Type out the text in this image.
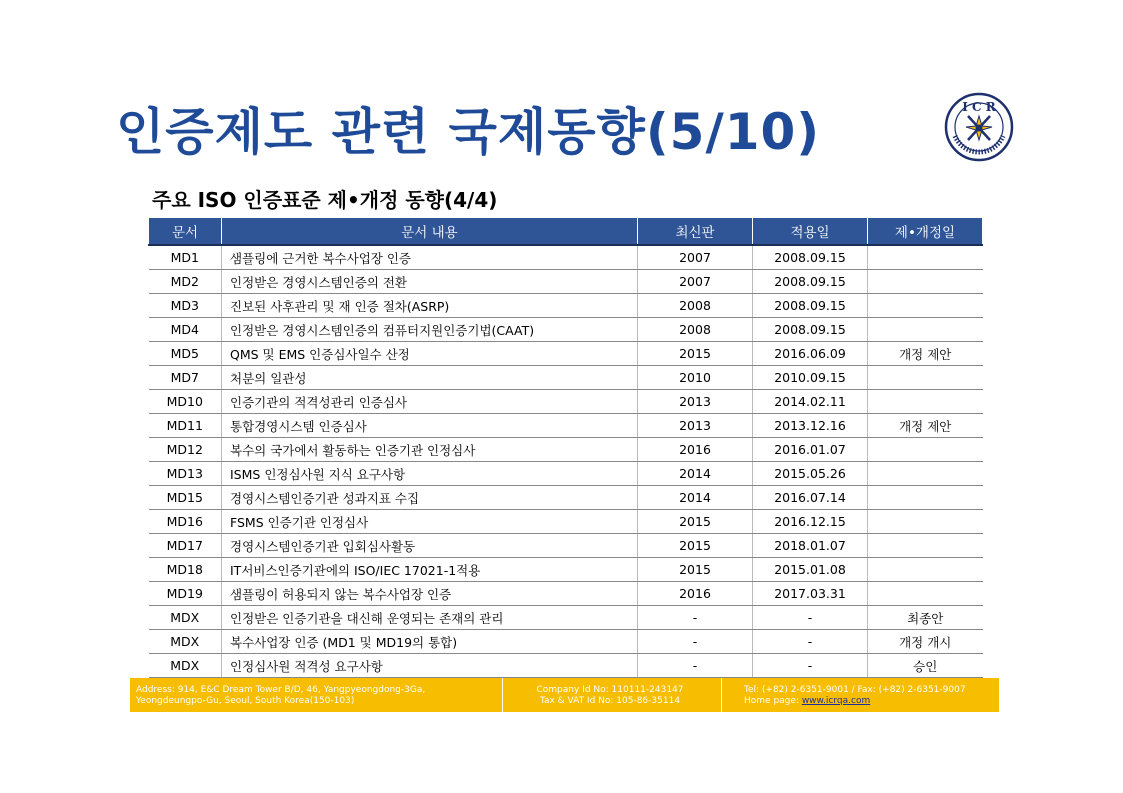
인증제도 관련 국제동향(5/10)	I C R
주요 ISO 인증표준 제•개정 동향(4/4)
문서	문서 내용	최신판	적용일	제•개정일
MD1	샘플링에 근거한 복수사업장 인증	2007	2008.09.15	
MD2	인정받은 경영시스템인증의 전환	2007	2008.09.15	
MD3	진보된 사후관리 및 재 인증 절차(ASRP)	2008	2008.09.15	
MD4	인정받은 경영시스템인증의 컴퓨터지원인증기법(CAAT)	2008	2008.09.15	
MD5	QMS 및 EMS 인증심사일수 산정	2015	2016.06.09	개정 제안
MD7	처분의 일관성	2010	2010.09.15	
MD10	인증기관의 적격성관리 인증심사	2013	2014.02.11	
MD11	통합경영시스템 인증심사	2013	2013.12.16	개정 제안
MD12	복수의 국가에서 활동하는 인증기관 인정심사	2016	2016.01.07	
MD13	ISMS 인정심사원 지식 요구사항	2014	2015.05.26	
MD15	경영시스템인증기관 성과지표 수집	2014	2016.07.14	
MD16	FSMS 인증기관 인정심사	2015	2016.12.15	
MD17	경영시스템인증기관 입회심사활동	2015	2018.01.07	
MD18	IT서비스인증기관에의 ISO/IEC 17021-1적용	2015	2015.01.08	
MD19	샘플링이 허용되지 않는 복수사업장 인증	2016	2017.03.31	
MDX	인정받은 인증기관을 대신해 운영되는 존재의 관리	-	-	최종안
MDX	복수사업장 인증 (MD1 및 MD19의 통합)	-	-	개정 개시
MDX	인정심사원 적격성 요구사항	-	-	승인
Address: 914, E&C Dream Tower B/D, 46, Yangpyeongdong-3Ga,
Yeongdeungpo-Gu, Seoul, South Korea(150-103)
Company Id No: 110111-243147
Tax & VAT Id No: 105-86-35114
Tel: (+82) 2-6351-9001 / Fax: (+82) 2-6351-9007
Home page: www.icrqa.com
